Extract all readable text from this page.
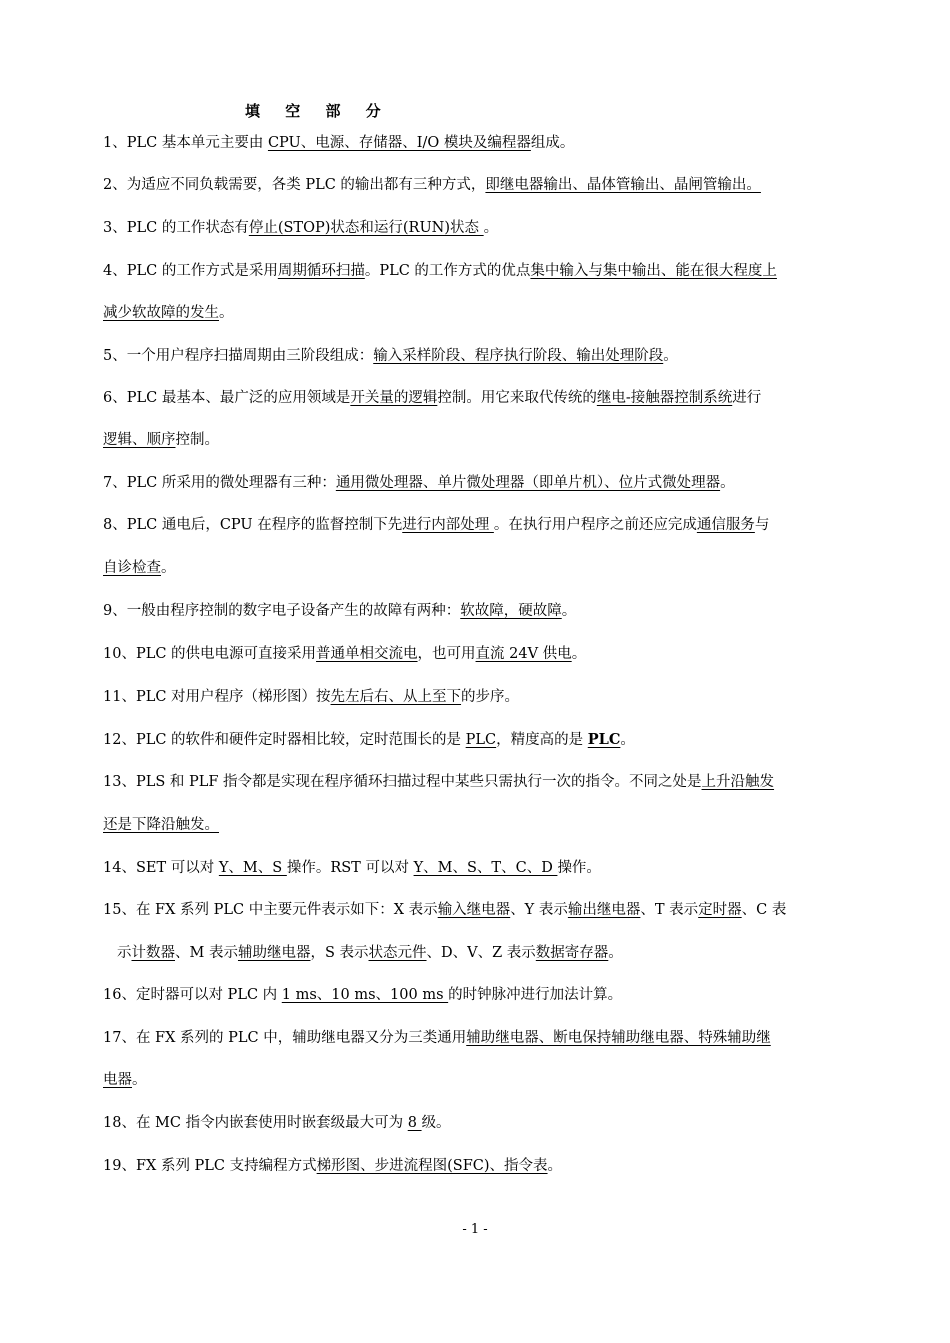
填 空 部 分
1、PLC 基本单元主要由 CPU、电源、存储器、I/O 模块及编程器组成。
2、为适应不同负载需要，各类 PLC 的输出都有三种方式，即继电器输出、晶体管输出、晶闸管输出。
3、PLC 的工作状态有停止(STOP)状态和运行(RUN)状态 。
4、PLC 的工作方式是采用周期循环扫描。PLC 的工作方式的优点集中输入与集中输出、能在很大程度上
减少软故障的发生。
5、一个用户程序扫描周期由三阶段组成：输入采样阶段、程序执行阶段、输出处理阶段。
6、PLC 最基本、最广泛的应用领域是开关量的逻辑控制。用它来取代传统的继电-接触器控制系统进行
逻辑、顺序控制。
7、PLC 所采用的微处理器有三种：通用微处理器、单片微处理器（即单片机）、位片式微处理器。
8、PLC 通电后，CPU 在程序的监督控制下先进行内部处理 。在执行用户程序之前还应完成通信服务与
自诊检查。
9、一般由程序控制的数字电子设备产生的故障有两种：软故障，硬故障。
10、PLC 的供电电源可直接采用普通单相交流电，也可用直流 24V 供电。
11、PLC 对用户程序（梯形图）按先左后右、从上至下的步序。
12、PLC 的软件和硬件定时器相比较，定时范围长的是 PLC，精度高的是 PLC。
13、PLS 和 PLF 指令都是实现在程序循环扫描过程中某些只需执行一次的指令。不同之处是上升沿触发
还是下降沿触发。
14、SET 可以对 Y、M、S 操作。RST 可以对 Y、M、S、T、C、D 操作。
15、在 FX 系列 PLC 中主要元件表示如下：X 表示输入继电器、Y 表示输出继电器、T 表示定时器、C 表
示计数器、M 表示辅助继电器，S 表示状态元件、D、V、Z 表示数据寄存器。
16、定时器可以对 PLC 内 1 ms、10 ms、100 ms 的时钟脉冲进行加法计算。
17、在 FX 系列的 PLC 中，辅助继电器又分为三类通用辅助继电器、断电保持辅助继电器、特殊辅助继
电器。
18、在 MC 指令内嵌套使用时嵌套级最大可为 8 级。
19、FX 系列 PLC 支持编程方式梯形图、步进流程图(SFC)、指令表。
- 1 -
